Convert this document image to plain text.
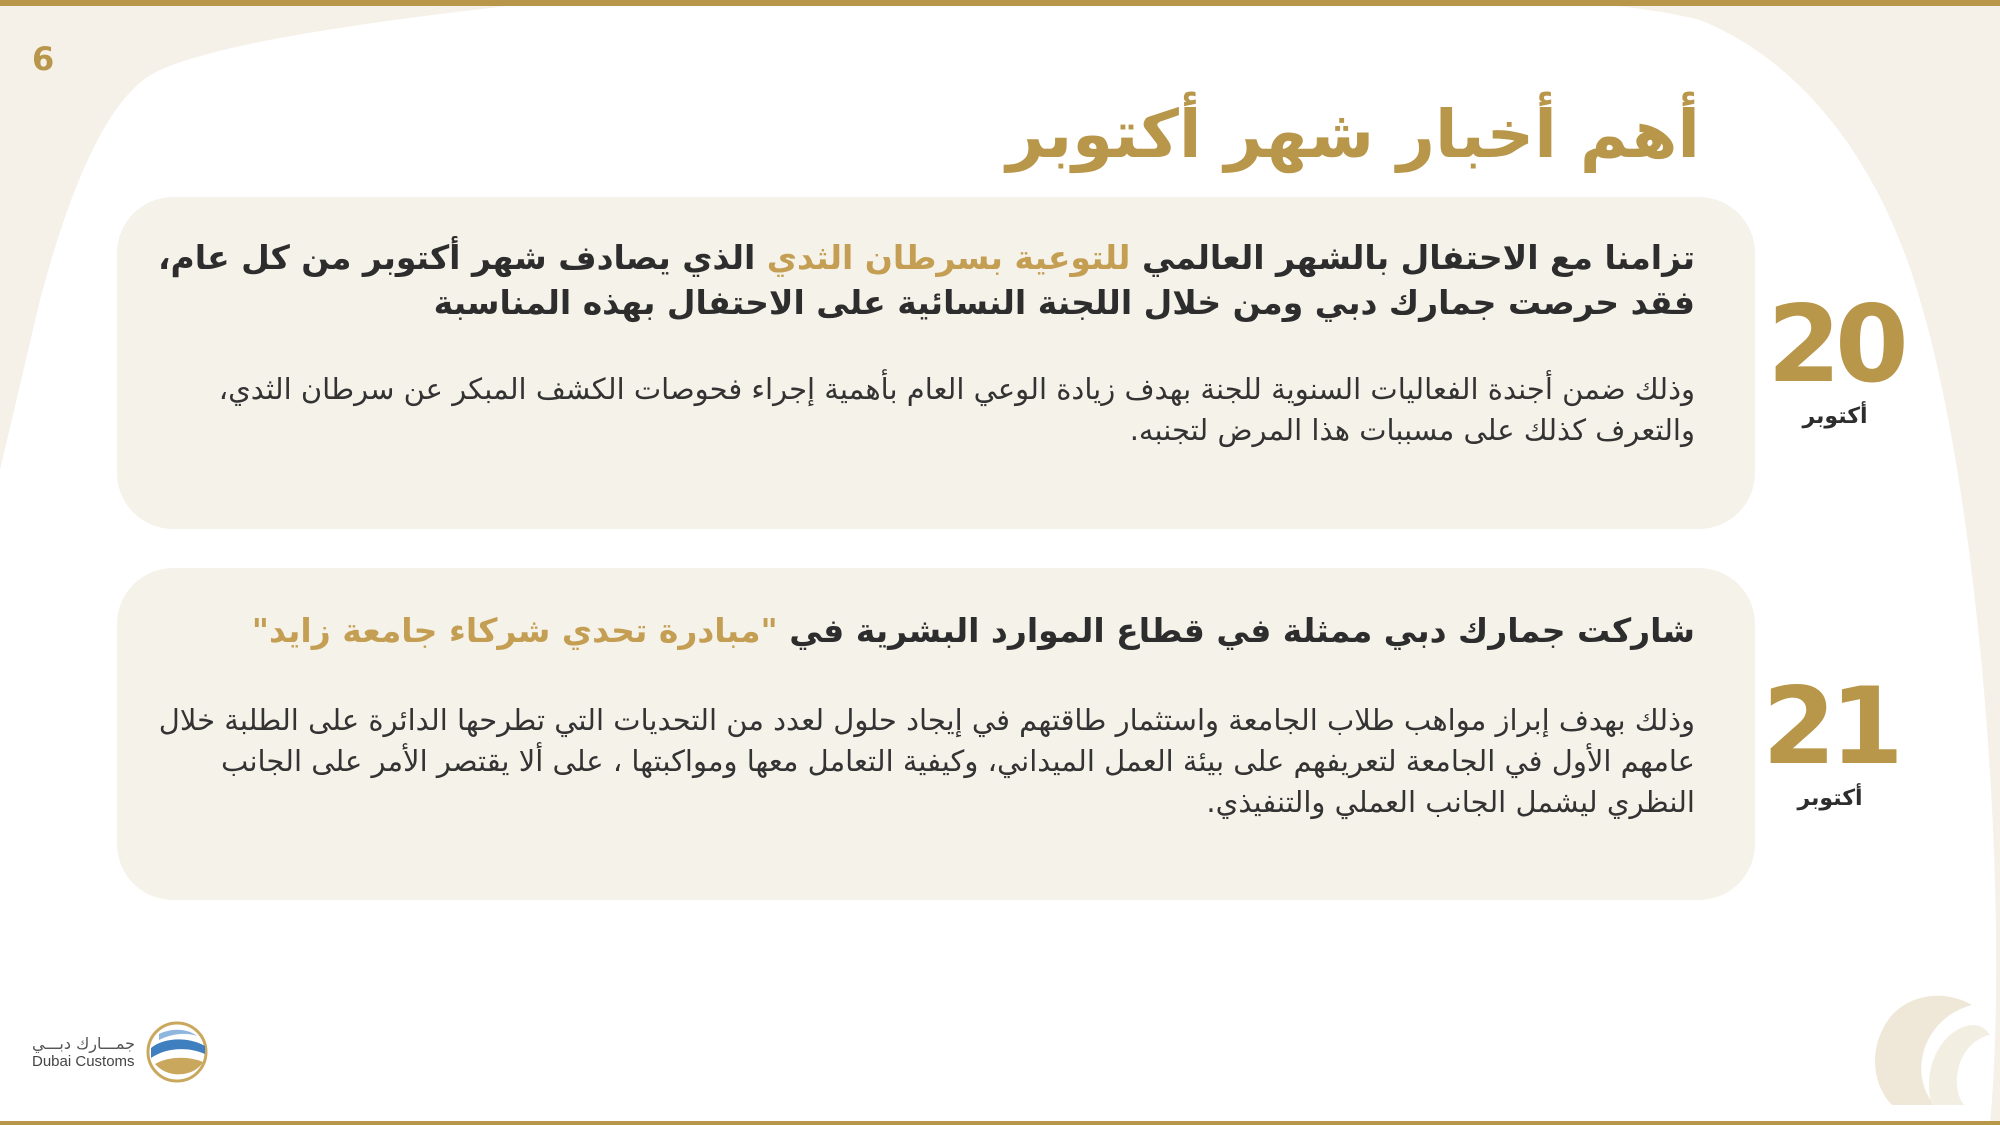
6
أهم أخبار شهر أكتوبر

تزامنا مع الاحتفال بالشهر العالمي للتوعية بسرطان الثدي الذي يصادف شهر أكتوبر من كل عام، فقد حرصت جمارك دبي ومن خلال اللجنة النسائية على الاحتفال بهذه المناسبة

وذلك ضمن أجندة الفعاليات السنوية للجنة بهدف زيادة الوعي العام بأهمية إجراء فحوصات الكشف المبكر عن سرطان الثدي، والتعرف كذلك على مسببات هذا المرض لتجنبه.

20
أكتوبر

شاركت جمارك دبي ممثلة في قطاع الموارد البشرية في "مبادرة تحدي شركاء جامعة زايد"

وذلك بهدف إبراز مواهب طلاب الجامعة واستثمار طاقتهم في إيجاد حلول لعدد من التحديات التي تطرحها الدائرة على الطلبة خلال عامهم الأول في الجامعة لتعريفهم على بيئة العمل الميداني، وكيفية التعامل معها ومواكبتها ، على ألا يقتصر الأمر على الجانب النظري ليشمل الجانب العملي والتنفيذي.

21
أكتوبر
جمـــارك دبـــي
Dubai Customs
